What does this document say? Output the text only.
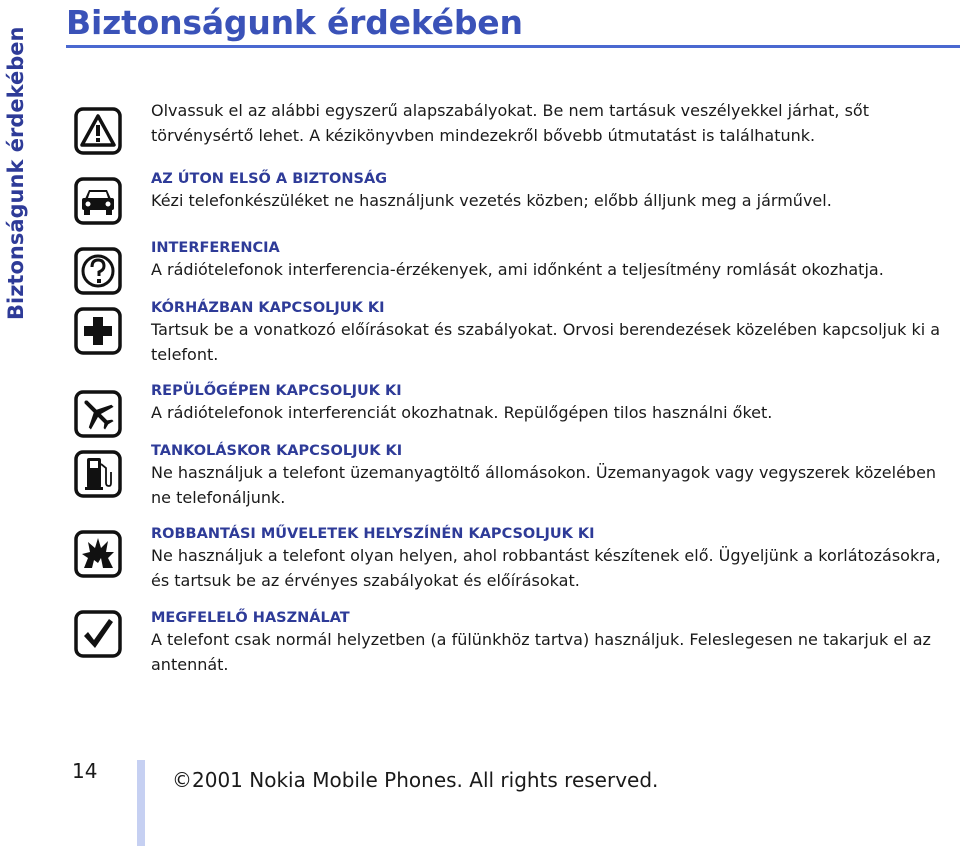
Biztonságunk érdekében
Biztonságunk érdekében

Olvassuk el az alábbi egyszerű alapszabályokat. Be nem tartásuk veszélyekkel járhat, sőt törvénysértő lehet. A kézikönyvben mindezekről bővebb útmutatást is találhatunk.

AZ ÚTON ELSŐ A BIZTONSÁG

Kézi telefonkészüléket ne használjunk vezetés közben; előbb álljunk meg a járművel.

INTERFERENCIA

A rádiótelefonok interferencia-érzékenyek, ami időnként a teljesítmény romlását okozhatja.

KÓRHÁZBAN KAPCSOLJUK KI

Tartsuk be a vonatkozó előírásokat és szabályokat. Orvosi berendezések közelében kapcsoljuk ki a telefont.

REPÜLŐGÉPEN KAPCSOLJUK KI

A rádiótelefonok interferenciát okozhatnak. Repülőgépen tilos használni őket.

TANKOLÁSKOR KAPCSOLJUK KI

Ne használjuk a telefont üzemanyagtöltő állomásokon. Üzemanyagok vagy vegyszerek közelében ne telefonáljunk.

ROBBANTÁSI MŰVELETEK HELYSZÍNÉN KAPCSOLJUK KI

Ne használjuk a telefont olyan helyen, ahol robbantást készítenek elő. Ügyeljünk a korlátozásokra, és tartsuk be az érvényes szabályokat és előírásokat.

MEGFELELŐ HASZNÁLAT

A telefont csak normál helyzetben (a fülünkhöz tartva) használjuk. Feleslegesen ne takarjuk el az antennát.

14	©2001 Nokia Mobile Phones. All rights reserved.
